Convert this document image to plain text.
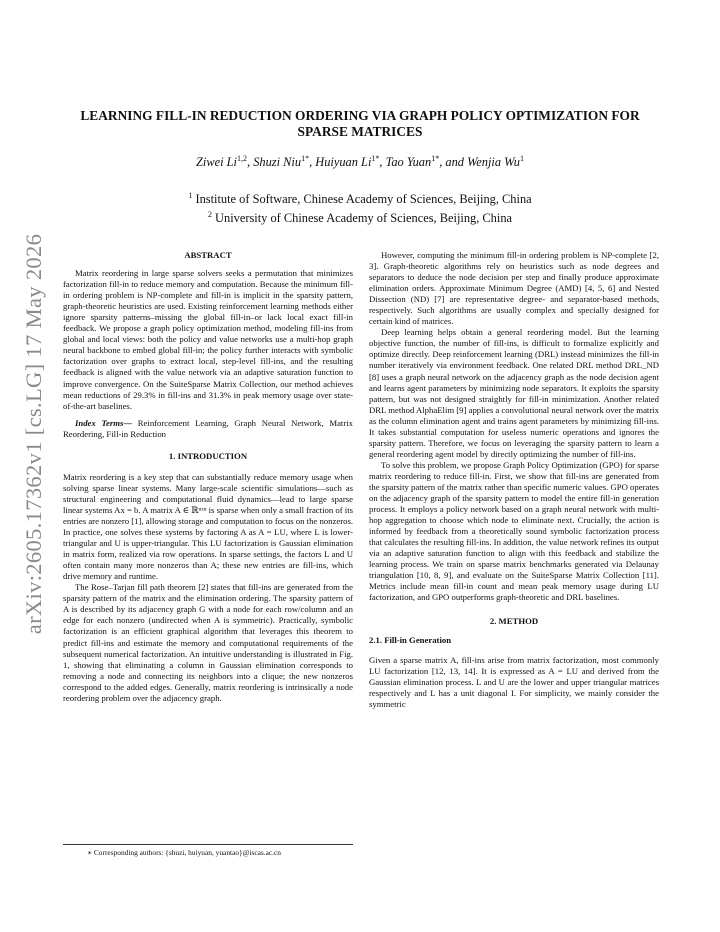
arXiv:2605.17362v1 [cs.LG] 17 May 2026
LEARNING FILL-IN REDUCTION ORDERING VIA GRAPH POLICY OPTIMIZATION FOR SPARSE MATRICES
Ziwei Li$^{1,2}$, Shuzi Niu$^{1*}$, Huiyuan $Li^{1*}$, Tao Yuan$^{1*}$, and Wenjia Wu$^1$
$^1$ Institute of Software, Chinese Academy of Sciences, Beijing, China
$^2$ University of Chinese Academy of Sciences, Beijing, China
ABSTRACT

Matrix reordering in large sparse solvers seeks a permutation that minimizes factorization fill-in to reduce memory and computation. Because the minimum fill-in ordering problem is NP-complete and fill-in is implicit in the sparsity pattern, graph-theoretic heuristics are used. Existing reinforcement learning methods either ignore sparsity patterns–missing the global fill-in–or lack local exact fill-in feedback. We propose a graph policy optimization method, modeling fill-ins from global and local views: both the policy and value networks use a multi-hop graph neural backbone to embed global fill-in; the policy further interacts with symbolic factorization over graphs to extract local, step-level fill-ins, and the resulting feedback is aligned with the value network via an adaptive saturation function to improve convergence. On the SuiteSparse Matrix Collection, our method achieves mean reductions of 29.3% in fill-ins and 31.3% in peak memory usage over state-of-the-art baselines.

Index Terms— Reinforcement Learning, Graph Neural Network, Matrix Reordering, Fill-in Reduction

1. INTRODUCTION

Matrix reordering is a key step that can substantially reduce memory usage when solving sparse linear systems. Many large-scale scientific simulations—such as structural engineering and computational fluid dynamics—lead to large sparse linear systems Ax = b. A matrix A ∈ ℝⁿˣⁿ is sparse when only a small fraction of its entries are nonzero [1], allowing storage and computation to focus on the nonzeros. In practice, one solves these systems by factoring A as A = LU, where L is lower-triangular and U is upper-triangular. This LU factorization is Gaussian elimination in matrix form, realized via row operations. In sparse settings, the factors L and U often contain many more nonzeros than A; these new entries are fill-ins, which drive memory and runtime.

The Rose–Tarjan fill path theorem [2] states that fill-ins are generated from the sparsity pattern of the matrix and the elimination ordering. The sparsity pattern of A is described by its adjacency graph G with a node for each row/column and an edge for each nonzero (undirected when A is symmetric). Practically, symbolic factorization is an efficient graphical algorithm that leverages this theorem to predict fill-ins and estimate the memory and computational requirements of the subsequent numerical factorization. An intuitive understanding is illustrated in Fig. 1, showing that eliminating a column in Gaussian elimination corresponds to removing a node and connecting its neighbors into a clique; the new nonzeros correspond to the added edges. Generally, matrix reordering is intrinsically a node reordering problem over the adjacency graph.

However, computing the minimum fill-in ordering problem is NP-complete [2, 3]. Graph-theoretic algorithms rely on heuristics such as node degrees and separators to deduce the node decision per step and finally produce approximate elimination orders. Approximate Minimum Degree (AMD) [4, 5, 6] and Nested Dissection (ND) [7] are representative degree- and separator-based methods, respectively. Such algorithms are usually complex and specially designed for certain kind of matrices.

Deep learning helps obtain a general reordering model. But the learning objective function, the number of fill-ins, is difficult to formalize explicitly and optimize directly. Deep reinforcement learning (DRL) instead minimizes the fill-in number iteratively via environment feedback. One related DRL method DRL_ND [8] uses a graph neural network on the adjacency graph as the node decision agent and learns agent parameters by minimizing node separators. It exploits the sparsity pattern, but was not designed straightly for fill-in minimization. Another related DRL method AlphaElim [9] applies a convolutional neural network over the matrix as the column elimination agent and trains agent parameters by minimizing fill-ins. It takes substantial computation for useless numeric operations and ignores the sparsity pattern. Therefore, we focus on leveraging the sparsity pattern to learn a general reordering agent model by directly optimizing the number of fill-ins.

To solve this problem, we propose Graph Policy Optimization (GPO) for sparse matrix reordering to reduce fill-in. First, we show that fill-ins are generated from the sparsity pattern of the matrix rather than specific numeric values. GPO operates on the adjacency graph of the sparsity pattern to model the entire fill-in generation process. It employs a policy network based on a graph neural network with multi-hop aggregation to choose which node to eliminate next. Crucially, the action is informed by feedback from a theoretically sound symbolic factorization process that calculates the resulting fill-ins. In addition, the value network refines its output via an adaptive saturation function to align with this feedback and stabilize the learning process. We train on sparse matrix benchmarks generated via Delaunay triangulation [10, 8, 9], and evaluate on the SuiteSparse Matrix Collection [11]. Metrics include mean fill-in count and mean peak memory usage during LU factorization, and GPO outperforms graph-theoretic and DRL baselines.

2. METHOD
2.1. Fill-in Generation

Given a sparse matrix A, fill-ins arise from matrix factorization, most commonly LU factorization [12, 13, 14]. It is expressed as A = LU and derived from the Gaussian elimination process. L and U are the lower and upper triangular matrices respectively and L has a unit diagonal I. For simplicity, we mainly consider the symmetric

∗ Corresponding authors: {shuzi, huiyuan, yuantao}@iscas.ac.cn
